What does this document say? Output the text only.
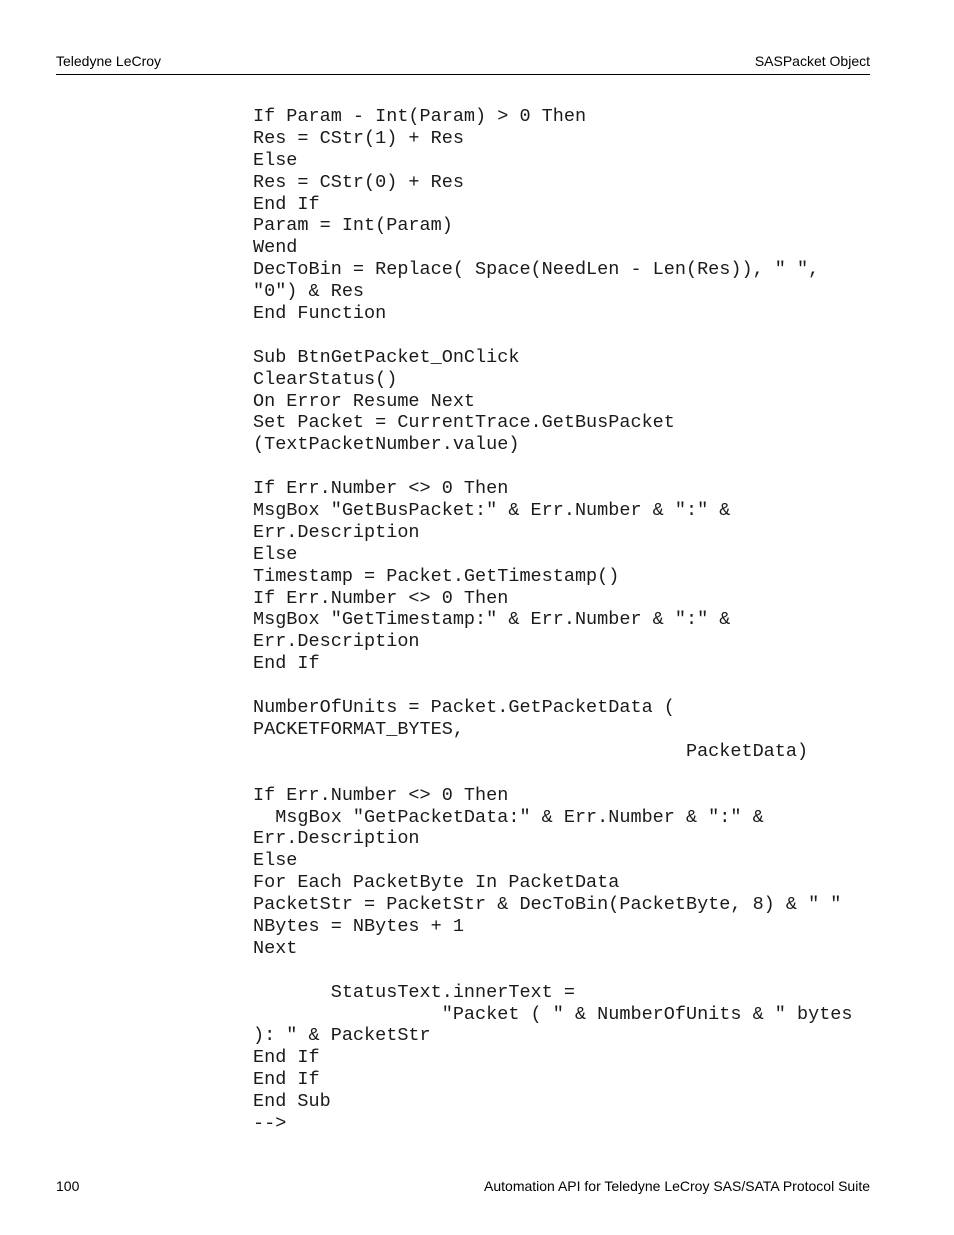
Teledyne LeCroy	SASPacket Object
If Param - Int(Param) > 0 Then
Res = CStr(1) + Res
Else
Res = CStr(0) + Res
End If
Param = Int(Param)
Wend
DecToBin = Replace( Space(NeedLen - Len(Res)), " ",
"0") & Res
End Function
Sub BtnGetPacket_OnClick
ClearStatus()
On Error Resume Next
Set Packet = CurrentTrace.GetBusPacket
(TextPacketNumber.value)
If Err.Number <> 0 Then
MsgBox "GetBusPacket:" & Err.Number & ":" &
Err.Description
Else
Timestamp = Packet.GetTimestamp()
If Err.Number <> 0 Then
MsgBox "GetTimestamp:" & Err.Number & ":" &
Err.Description
End If
NumberOfUnits = Packet.GetPacketData (
PACKETFORMAT_BYTES,
PacketData)
If Err.Number <> 0 Then
MsgBox "GetPacketData:" & Err.Number & ":" &
Err.Description
Else
For Each PacketByte In PacketData
PacketStr = PacketStr & DecToBin(PacketByte, 8) & " "
NBytes = NBytes + 1
Next
StatusText.innerText =
"Packet ( " & NumberOfUnits & " bytes
): " & PacketStr
End If
End If
End Sub
-->
100	Automation API for Teledyne LeCroy SAS/SATA Protocol Suite
